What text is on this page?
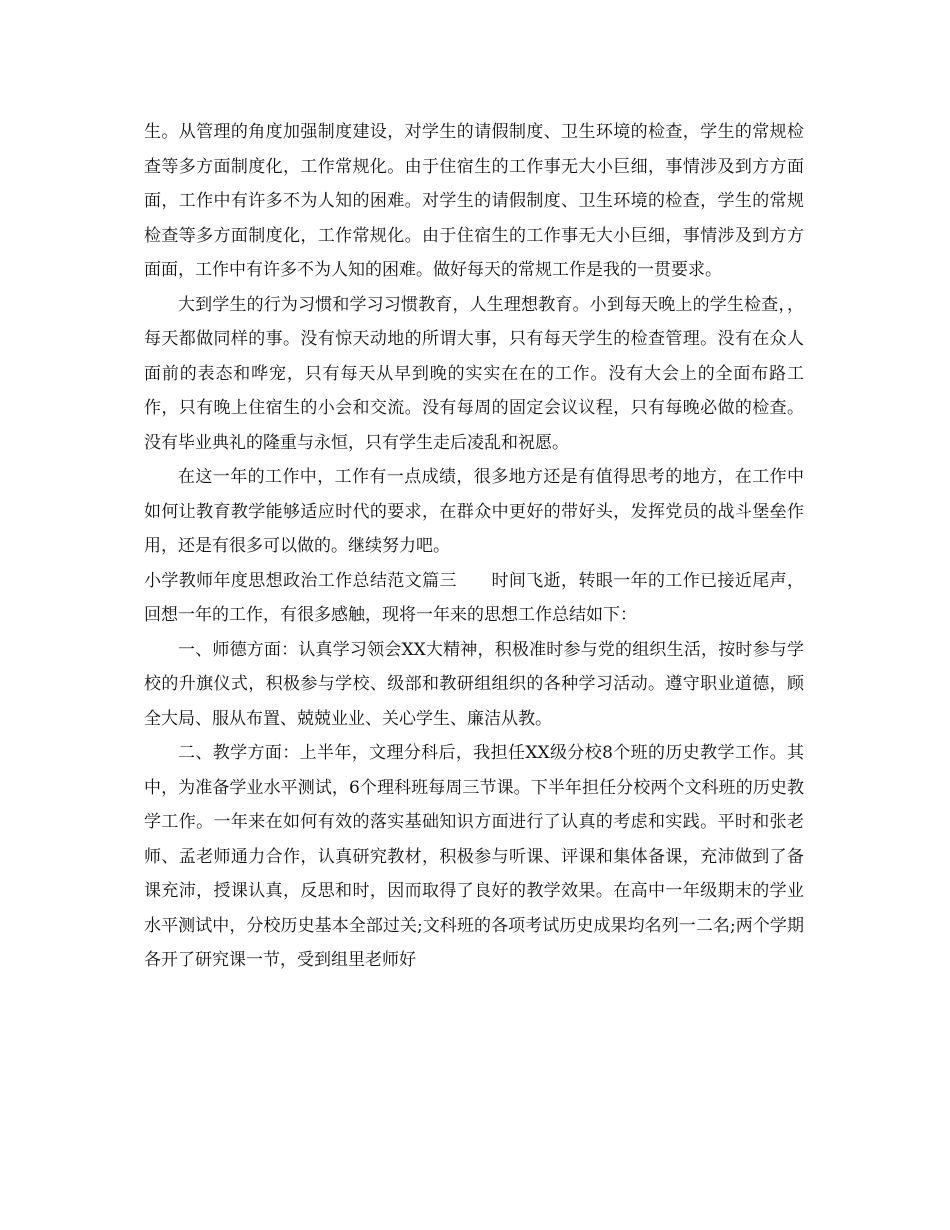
生。从管理的角度加强制度建设，对学生的请假制度、卫生环境的检查，学生的常规检查等多方面制度化，工作常规化。由于住宿生的工作事无大小巨细，事情涉及到方方面面，工作中有许多不为人知的困难。对学生的请假制度、卫生环境的检查，学生的常规检查等多方面制度化，工作常规化。由于住宿生的工作事无大小巨细，事情涉及到方方面面，工作中有许多不为人知的困难。做好每天的常规工作是我的一贯要求。

大到学生的行为习惯和学习习惯教育，人生理想教育。小到每天晚上的学生检查，，每天都做同样的事。没有惊天动地的所谓大事，只有每天学生的检查管理。没有在众人面前的表态和哗宠，只有每天从早到晚的实实在在的工作。没有大会上的全面布路工作，只有晚上住宿生的小会和交流。没有每周的固定会议议程，只有每晚必做的检查。没有毕业典礼的隆重与永恒，只有学生走后凌乱和祝愿。

在这一年的工作中，工作有一点成绩，很多地方还是有值得思考的地方，在工作中如何让教育教学能够适应时代的要求，在群众中更好的带好头，发挥党员的战斗堡垒作用，还是有很多可以做的。继续努力吧。

小学教师年度思想政治工作总结范文篇三      时间飞逝，转眼一年的工作已接近尾声，回想一年的工作，有很多感触，现将一年来的思想工作总结如下：

一、师德方面：认真学习领会XX大精神，积极准时参与党的组织生活，按时参与学校的升旗仪式，积极参与学校、级部和教研组组织的各种学习活动。遵守职业道德，顾全大局、服从布置、兢兢业业、关心学生、廉洁从教。

二、教学方面：上半年，文理分科后，我担任XX级分校8个班的历史教学工作。其中，为准备学业水平测试，6个理科班每周三节课。下半年担任分校两个文科班的历史教学工作。一年来在如何有效的落实基础知识方面进行了认真的考虑和实践。平时和张老师、孟老师通力合作，认真研究教材，积极参与听课、评课和集体备课，充沛做到了备课充沛，授课认真，反思和时，因而取得了良好的教学效果。在高中一年级期末的学业水平测试中，分校历史基本全部过关;文科班的各项考试历史成果均名列一二名;两个学期各开了研究课一节，受到组里老师好
